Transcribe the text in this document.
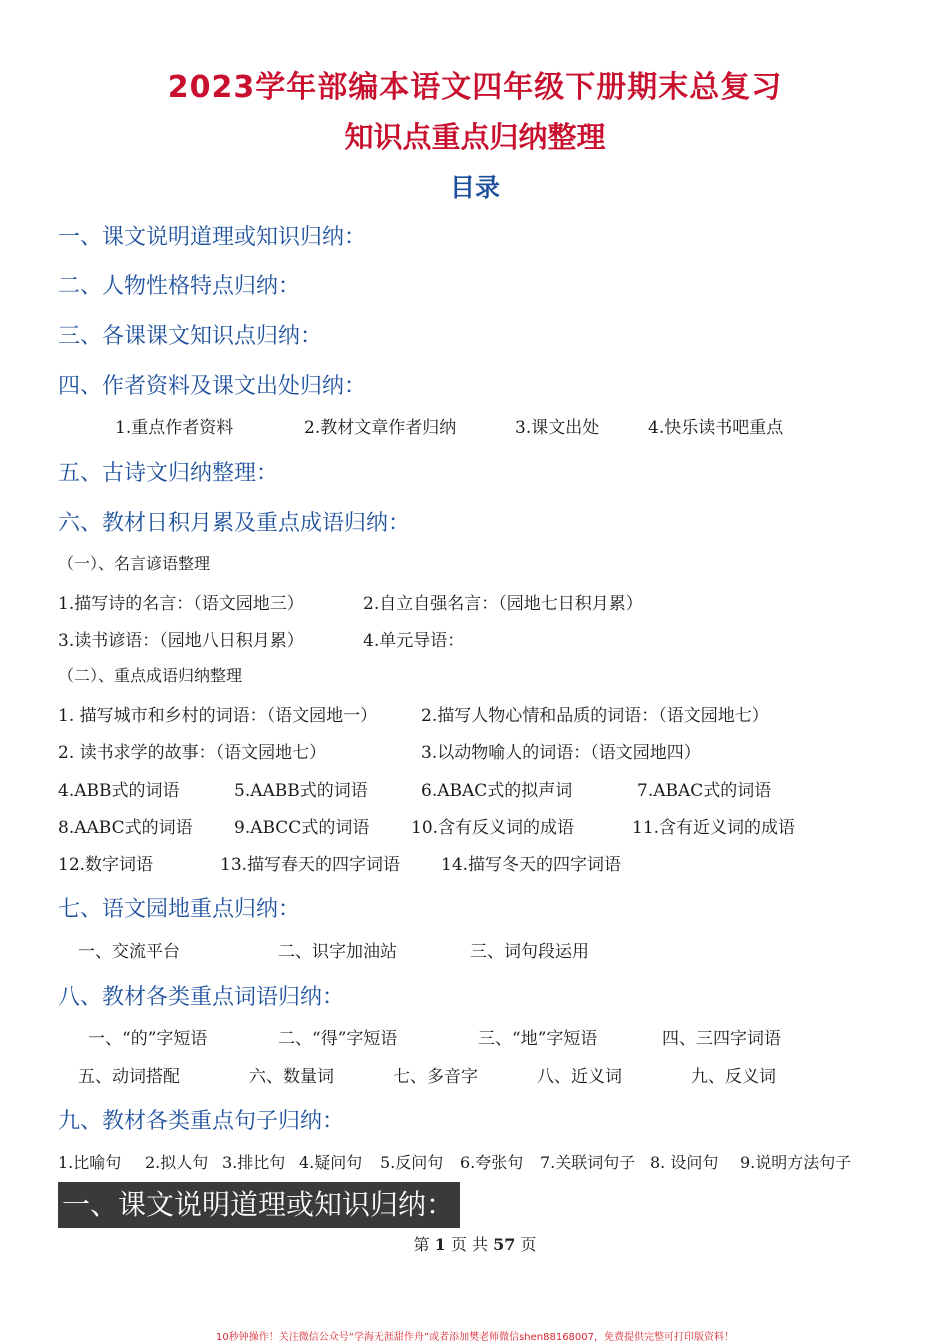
2023学年部编本语文四年级下册期末总复习
知识点重点归纳整理
目录
一、课文说明道理或知识归纳：
二、人物性格特点归纳：
三、各课课文知识点归纳：
四、作者资料及课文出处归纳：
1.重点作者资料	2.教材文章作者归纳	3.课文出处	4.快乐读书吧重点
五、古诗文归纳整理：
六、教材日积月累及重点成语归纳：
（一）、名言谚语整理
1.描写诗的名言：（语文园地三）	2.自立自强名言：（园地七日积月累）
3.读书谚语：（园地八日积月累）	4.单元导语：
（二）、重点成语归纳整理
1. 描写城市和乡村的词语：（语文园地一）	2.描写人物心情和品质的词语：（语文园地七）
2. 读书求学的故事：（语文园地七）	3.以动物喻人的词语：（语文园地四）
4.ABB式的词语	5.AABB式的词语	6.ABAC式的拟声词	7.ABAC式的词语
8.AABC式的词语 9.ABCC式的词语 10.含有反义词的成语	11.含有近义词的成语
12.数字词语	13.描写春天的四字词语 14.描写冬天的四字词语
七、语文园地重点归纳：
一、交流平台	二、识字加油站	三、词句段运用
八、教材各类重点词语归纳：
一、“的”字短语	二、“得”字短语	三、“地”字短语	四、三四字词语
五、动词搭配	六、数量词	七、多音字	八、近义词	九、反义词
九、教材各类重点句子归纳：
1.比喻句 2.拟人句 3.排比句 4.疑问句 5.反问句 6.夸张句 7.关联词句子 8. 设问句 9.说明方法句子
一、课文说明道理或知识归纳：
第 1 页 共 57 页
10秒钟操作！关注微信公众号“学海无涯甜作舟”或者添加樊老师微信shen88168007，免费提供完整可打印版资料！
